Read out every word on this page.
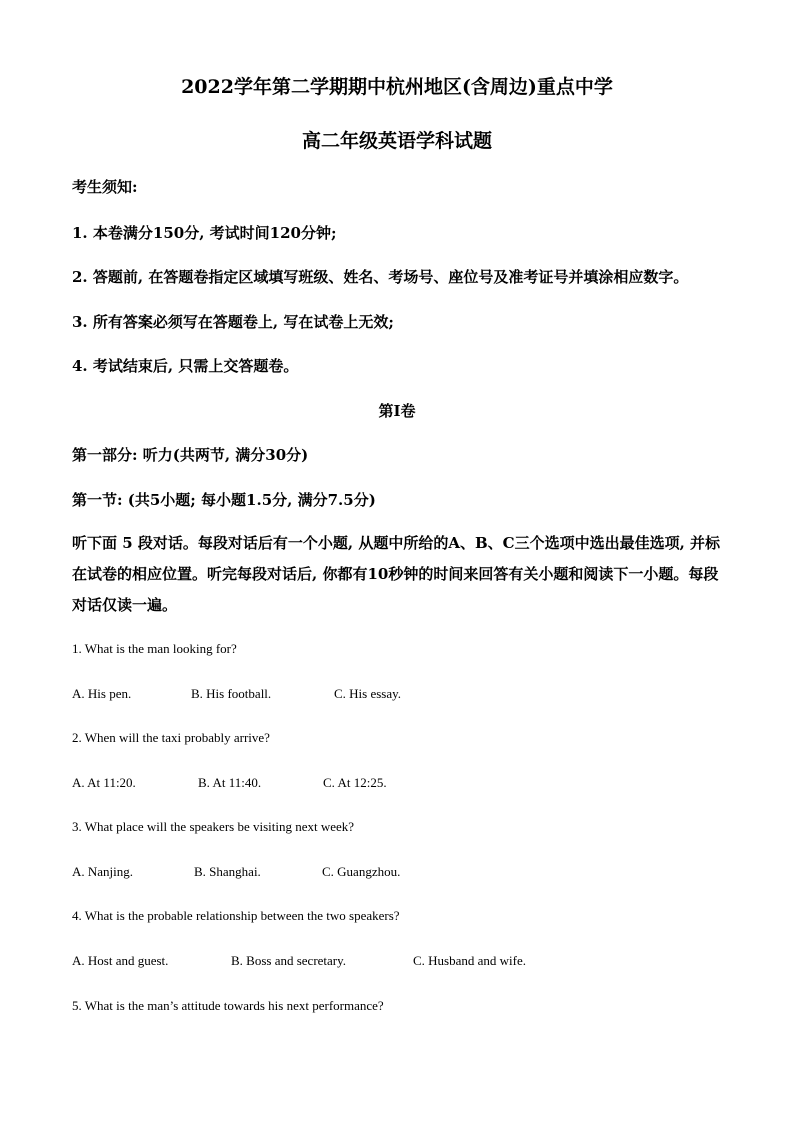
2022学年第二学期期中杭州地区(含周边)重点中学
高二年级英语学科试题
考生须知:
1. 本卷满分150分, 考试时间120分钟;
2. 答题前, 在答题卷指定区域填写班级、姓名、考场号、座位号及准考证号并填涂相应数字。
3. 所有答案必须写在答题卷上, 写在试卷上无效;
4. 考试结束后, 只需上交答题卷。
第Ⅰ卷
第一部分: 听力(共两节, 满分30分)
第一节: (共5小题; 每小题1.5分, 满分7.5分)
听下面 5 段对话。每段对话后有一个小题, 从题中所给的A、B、C三个选项中选出最佳选项, 并标在试卷的相应位置。听完每段对话后, 你都有10秒钟的时间来回答有关小题和阅读下一小题。每段对话仅读一遍。
1. What is the man looking for?
A. His pen.	B. His football.	C. His essay.
2. When will the taxi probably arrive?
A. At 11:20.	B. At 11:40.	C. At 12:25.
3. What place will the speakers be visiting next week?
A. Nanjing.	B. Shanghai.	C. Guangzhou.
4. What is the probable relationship between the two speakers?
A. Host and guest.	B. Boss and secretary.	C. Husband and wife.
5. What is the man’s attitude towards his next performance?
